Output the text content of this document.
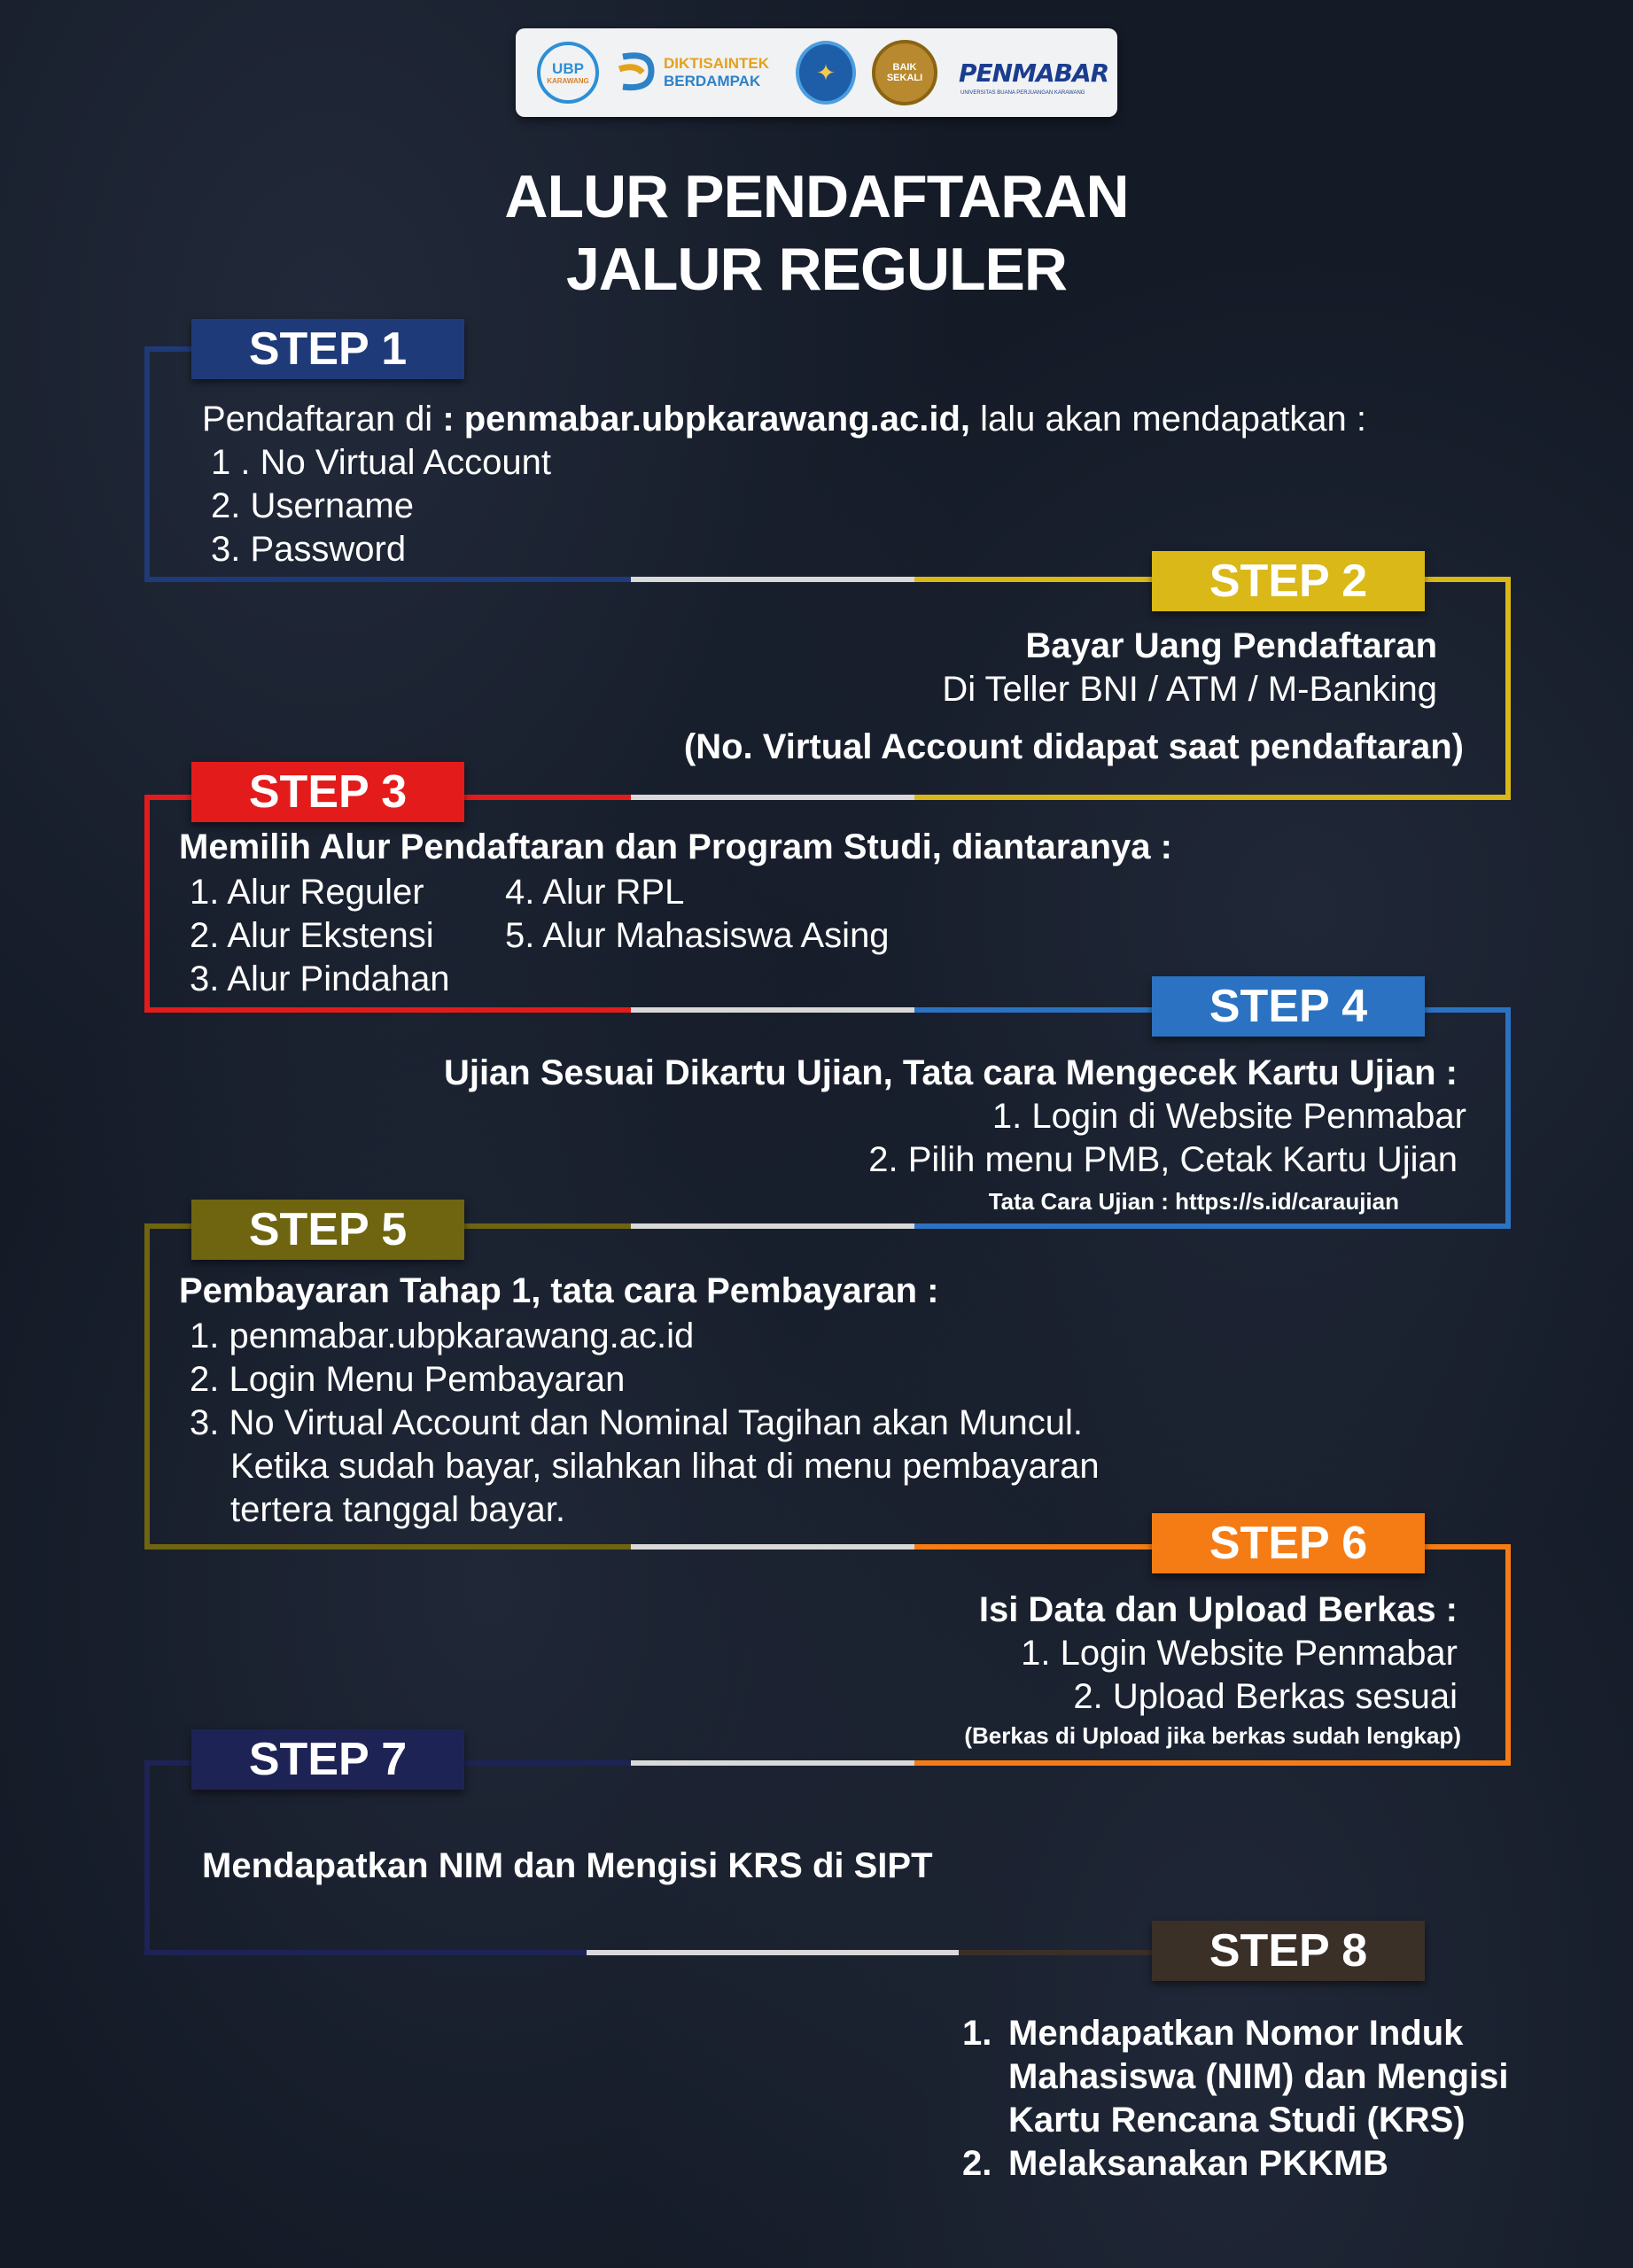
UBP
KARAWANG
DIKTISAINTEK
BERDAMPAK	✦	BAIK
SEKALI PENMABAR
UNIVERSITAS BUANA PERJUANGAN KARAWANG
ALUR PENDAFTARAN
JALUR REGULER
STEP 1
Pendaftaran di : penmabar.ubpkarawang.ac.id, lalu akan mendapatkan :
1 . No Virtual Account
2. Username
3. Password
STEP 2
Bayar Uang Pendaftaran
Di Teller BNI / ATM / M-Banking
(No. Virtual Account didapat saat pendaftaran)
STEP 3
Memilih Alur Pendaftaran dan Program Studi, diantaranya :
1. Alur Reguler
2. Alur Ekstensi
3. Alur Pindahan
4. Alur RPL
5. Alur Mahasiswa Asing
STEP 4
Ujian Sesuai Dikartu Ujian, Tata cara Mengecek Kartu Ujian :
1. Login di Website Penmabar
2. Pilih menu PMB, Cetak Kartu Ujian
Tata Cara Ujian : https://s.id/caraujian
STEP 5
Pembayaran Tahap 1, tata cara Pembayaran :
1. penmabar.ubpkarawang.ac.id
2. Login Menu Pembayaran
3. No Virtual Account dan Nominal Tagihan akan Muncul.
Ketika sudah bayar, silahkan lihat di menu pembayaran
tertera tanggal bayar.
STEP 6
Isi Data dan Upload Berkas :
1. Login Website Penmabar
2. Upload Berkas sesuai
(Berkas di Upload jika berkas sudah lengkap)
STEP 7
Mendapatkan NIM dan Mengisi KRS di SIPT
STEP 8
1. Mendapatkan Nomor Induk
Mahasiswa (NIM) dan Mengisi
Kartu Rencana Studi (KRS)
2. Melaksanakan PKKMB
